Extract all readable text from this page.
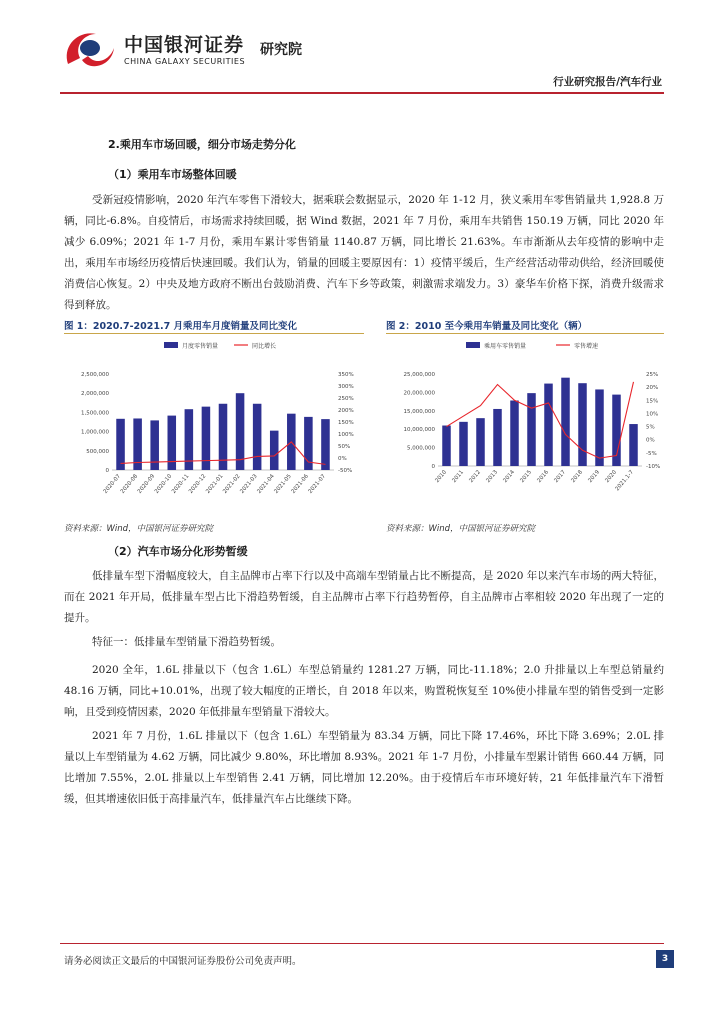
中国银河证券
CHINA GALAXY SECURITIES
研究院
行业研究报告/汽车行业
2.乘用车市场回暖，细分市场走势分化
（1）乘用车市场整体回暖

受新冠疫情影响，2020 年汽车零售下滑较大，据乘联会数据显示，2020 年 1-12 月，狭义乘用车零售销量共 1,928.8 万辆，同比-6.8%。自疫情后，市场需求持续回暖，据 Wind 数据，2021 年 7 月份，乘用车共销售 150.19 万辆，同比 2020 年减少 6.09%；2021 年 1-7 月份，乘用车累计零售销量 1140.87 万辆，同比增长 21.63%。车市渐渐从去年疫情的影响中走出，乘用车市场经历疫情后快速回暖。我们认为，销量的回暖主要原因有：1）疫情平缓后，生产经营活动带动供给，经济回暖使消费信心恢复。2）中央及地方政府不断出台鼓励消费、汽车下乡等政策，刺激需求端发力。3）豪华车价格下探，消费升级需求得到释放。

图 1：2020.7-2021.7 月乘用车月度销量及同比变化	图 2：2010 至今乘用车销量及同比变化（辆）
月度零售销量	同比增长
2,500,000
2,000,000
1,500,000
1,000,000
500,000
0
350%
300%
250%
200%
150%
100%
50%
0%
-50%
2020-07
2020-08
2020-09
2020-10
2020-11
2020-12
2021-01
2021-02
2021-03
2021-04
2021-05
2021-06
2021-07
乘用车零售销量	零售增速
25,000,000
20,000,000
15,000,000
10,000,000
5,000,000
0
25%
20%
15%
10%
5%
0%
-5%
-10%
2010 2011 2012 2013 2014 2015 2016 2017 2018 2019 2020
2021.1-7
资料来源：Wind，中国银河证券研究院	资料来源：Wind，中国银河证券研究院
（2）汽车市场分化形势暂缓

低排量车型下滑幅度较大，自主品牌市占率下行以及中高端车型销量占比不断提高，是 2020 年以来汽车市场的两大特征，而在 2021 年开局，低排量车型占比下滑趋势暂缓，自主品牌市占率下行趋势暂停，自主品牌市占率相较 2020 年出现了一定的提升。

特征一：低排量车型销量下滑趋势暂缓。

2020 全年，1.6L 排量以下（包含 1.6L）车型总销量约 1281.27 万辆，同比-11.18%；2.0 升排量以上车型总销量约 48.16 万辆，同比+10.01%，出现了较大幅度的正增长，自 2018 年以来，购置税恢复至 10%使小排量车型的销售受到一定影响，且受到疫情因素，2020 年低排量车型销量下滑较大。

2021 年 7 月份，1.6L 排量以下（包含 1.6L）车型销量为 83.34 万辆，同比下降 17.46%，环比下降 3.69%；2.0L 排量以上车型销量为 4.62 万辆，同比减少 9.80%，环比增加 8.93%。2021 年 1-7 月份，小排量车型累计销售 660.44 万辆，同比增加 7.55%，2.0L 排量以上车型销售 2.41 万辆，同比增加 12.20%。由于疫情后车市环境好转，21 年低排量汽车下滑暂缓，但其增速依旧低于高排量汽车，低排量汽车占比继续下降。

请务必阅读正文最后的中国银河证券股份公司免责声明。	3
